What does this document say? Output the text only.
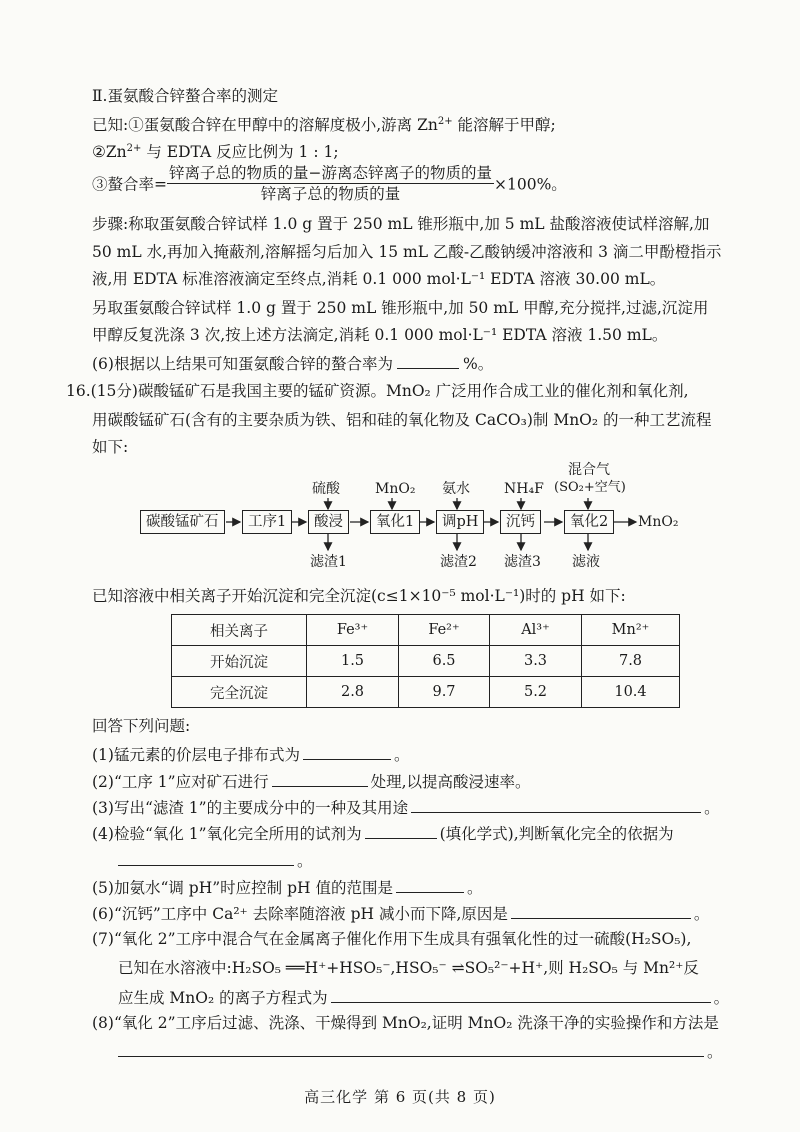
Ⅱ.蛋氨酸合锌螯合率的测定
已知:①蛋氨酸合锌在甲醇中的溶解度极小,游离 $Zn^{2+}$ 能溶解于甲醇;
$②Zn^{2+}$ 与 EDTA 反应比例为 1 : 1;
③螯合率= $\frac{\text{锌离子总的物质的量−游离态锌离子的物质的量}}{\text{锌离子总的物质的量}} \times 100\%$。
步骤:称取蛋氨酸合锌试样 1.0 g 置于 250 mL 锥形瓶中,加 5 mL 盐酸溶液使试样溶解,加
50 mL 水,再加入掩蔽剂,溶解摇匀后加入 15 mL 乙酸-乙酸钠缓冲溶液和 3 滴二甲酚橙指示
液,用 EDTA 标准溶液滴定至终点,消耗 0.1 000 mol·L⁻¹ EDTA 溶液 30.00 mL。
另取蛋氨酸合锌试样 1.0 g 置于 250 mL 锥形瓶中,加 50 mL 甲醇,充分搅拌,过滤,沉淀用
甲醇反复洗涤 3 次,按上述方法滴定,消耗 0.1 000 mol·L⁻¹ EDTA 溶液 1.50 mL。
(6)根据以上结果可知蛋氨酸合锌的螯合率为	%。
16.(15分)碳酸锰矿石是我国主要的锰矿资源。MnO₂ 广泛用作合成工业的催化剂和氧化剂,
用碳酸锰矿石(含有的主要杂质为铁、铝和硅的氧化物及 CaCO₃)制 MnO₂ 的一种工艺流程
如下:
碳酸锰矿石	工序1	酸浸	氧化1	调pH	沉钙	氧化2	MnO₂
硫酸	MnO₂ 氨水 NH₄F
混合气
(SO₂+空气)
滤渣1	滤渣2 滤渣3 滤液
已知溶液中相关离子开始沉淀和完全沉淀(c≤1×10⁻⁵ mol·L⁻¹)时的 pH 如下:
相关离子	Fe³⁺	Fe²⁺	Al³⁺	Mn²⁺
开始沉淀	1.5	6.5	3.3	7.8
完全沉淀	2.8	9.7	5.2	10.4
回答下列问题:
(1)锰元素的价层电子排布式为	。
(2)“工序 1”应对矿石进行	处理,以提高酸浸速率。
(3)写出“滤渣 1”的主要成分中的一种及其用途	。
(4)检验“氧化 1”氧化完全所用的试剂为	(填化学式),判断氧化完全的依据为
。
(5)加氨水“调 pH”时应控制 pH 值的范围是	。
(6)“沉钙”工序中 Ca²⁺ 去除率随溶液 pH 减小而下降,原因是	。
(7)“氧化 2”工序中混合气在金属离子催化作用下生成具有强氧化性的过一硫酸(H₂SO₅),
已知在水溶液中:H₂SO₅ ══H⁺+HSO₅⁻,HSO₅⁻ ⇌SO₅²⁻+H⁺,则 H₂SO₅ 与 Mn²⁺反
应生成 MnO₂ 的离子方程式为	。
(8)“氧化 2”工序后过滤、洗涤、干燥得到 MnO₂,证明 MnO₂ 洗涤干净的实验操作和方法是
。
高三化学 第 6 页(共 8 页)
